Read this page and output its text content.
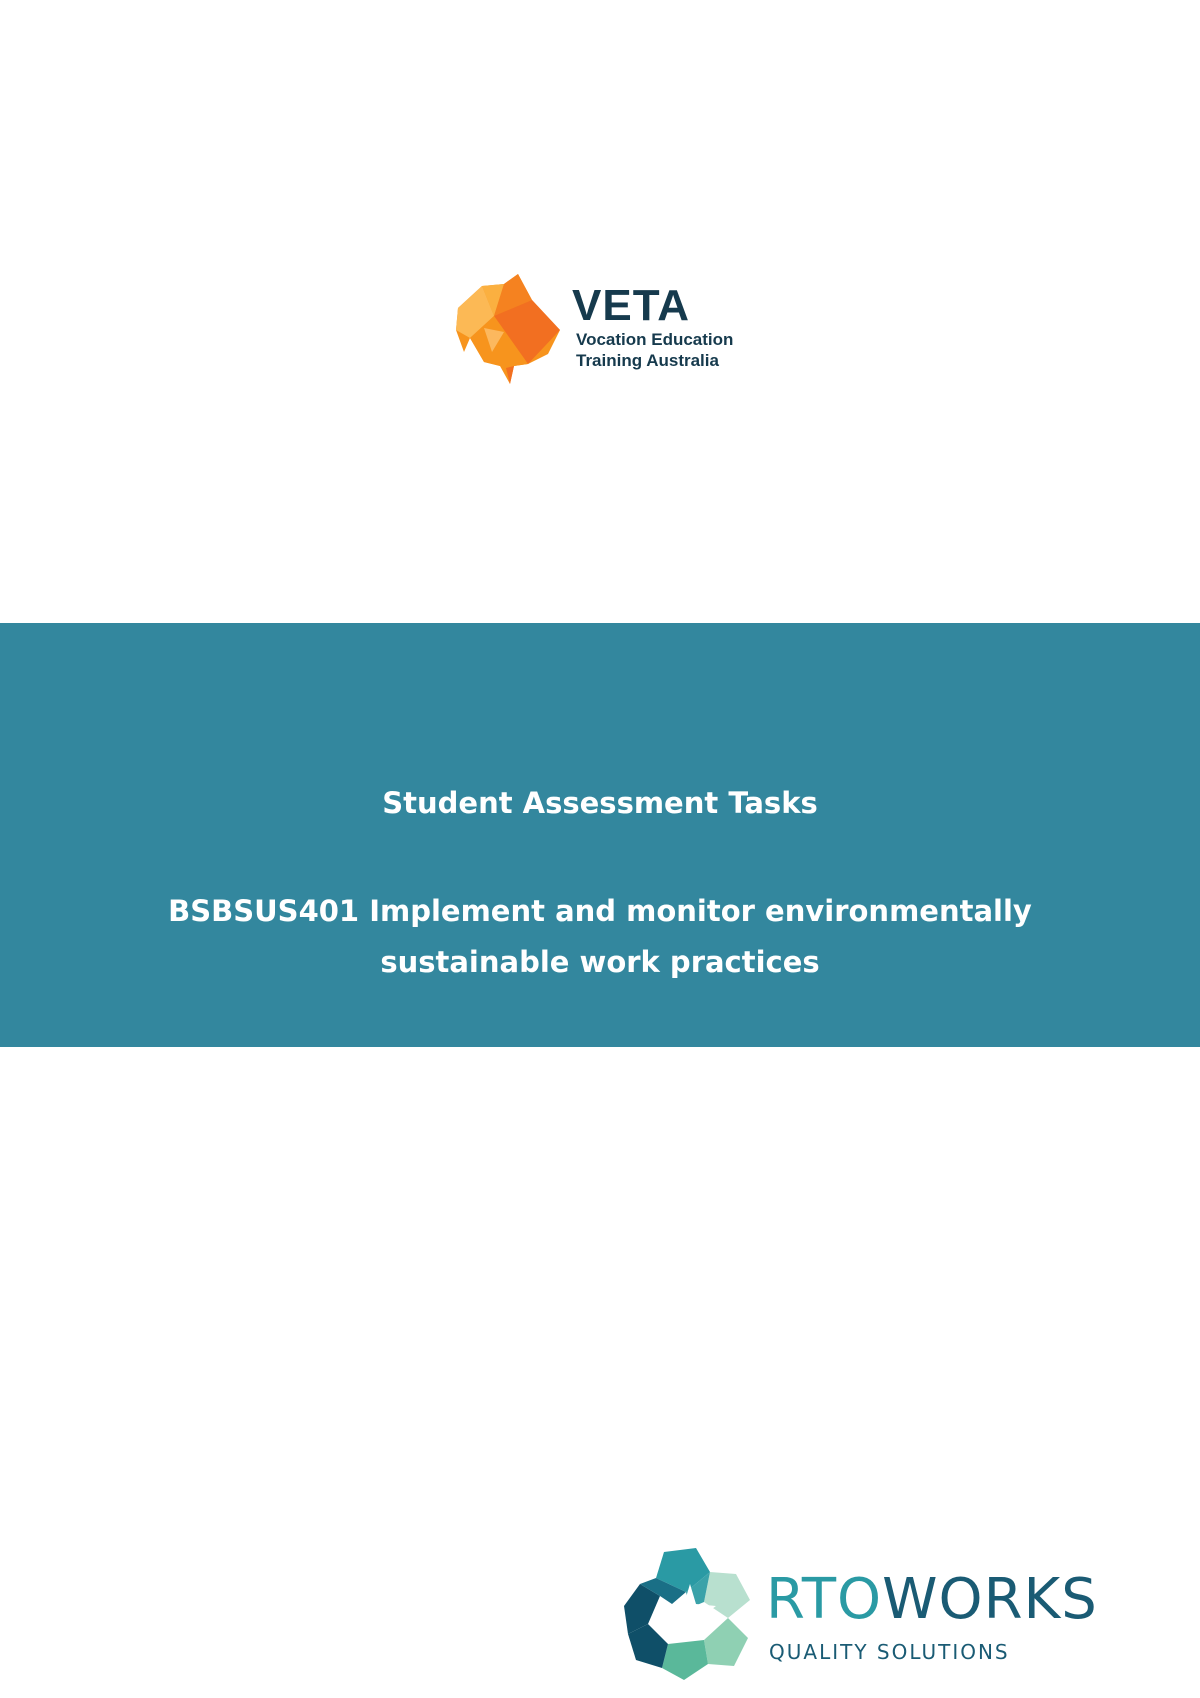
VETA
Vocation Education
Training Australia
Student Assessment Tasks
BSBSUS401 Implement and monitor environmentally sustainable work practices
RTOWORKS
QUALITY SOLUTIONS
